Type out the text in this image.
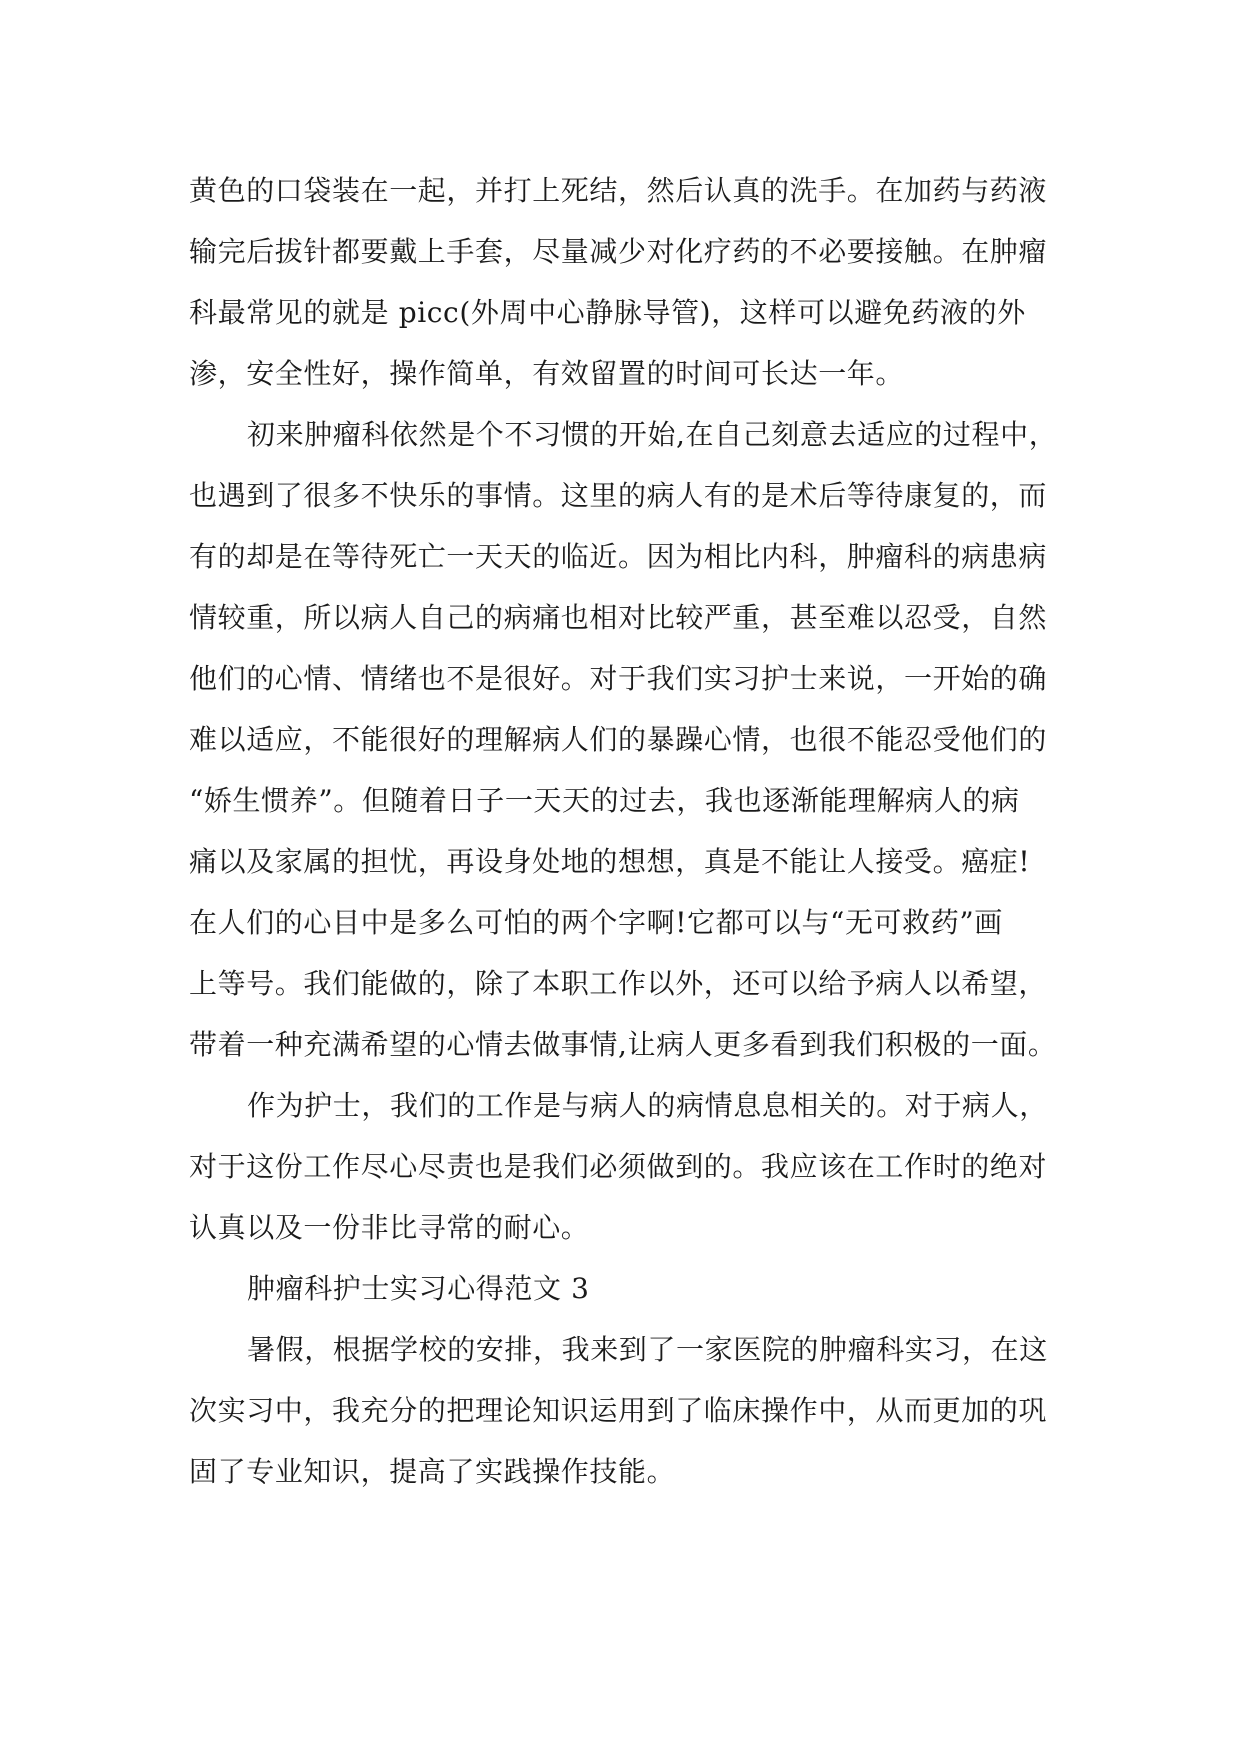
黄色的口袋装在一起，并打上死结，然后认真的洗手。在加药与药液
输完后拔针都要戴上手套，尽量减少对化疗药的不必要接触。在肿瘤
科最常见的就是 picc(外周中心静脉导管)，这样可以避免药液的外
渗，安全性好，操作简单，有效留置的时间可长达一年。
初来肿瘤科依然是个不习惯的开始,在自己刻意去适应的过程中，
也遇到了很多不快乐的事情。这里的病人有的是术后等待康复的，而
有的却是在等待死亡一天天的临近。因为相比内科，肿瘤科的病患病
情较重，所以病人自己的病痛也相对比较严重，甚至难以忍受，自然
他们的心情、情绪也不是很好。对于我们实习护士来说，一开始的确
难以适应，不能很好的理解病人们的暴躁心情，也很不能忍受他们的
“娇生惯养”。但随着日子一天天的过去，我也逐渐能理解病人的病
痛以及家属的担忧，再设身处地的想想，真是不能让人接受。癌症!
在人们的心目中是多么可怕的两个字啊!它都可以与“无可救药”画
上等号。我们能做的，除了本职工作以外，还可以给予病人以希望，
带着一种充满希望的心情去做事情,让病人更多看到我们积极的一面。
作为护士，我们的工作是与病人的病情息息相关的。对于病人，
对于这份工作尽心尽责也是我们必须做到的。我应该在工作时的绝对
认真以及一份非比寻常的耐心。
肿瘤科护士实习心得范文 3
暑假，根据学校的安排，我来到了一家医院的肿瘤科实习，在这
次实习中，我充分的把理论知识运用到了临床操作中，从而更加的巩
固了专业知识，提高了实践操作技能。
